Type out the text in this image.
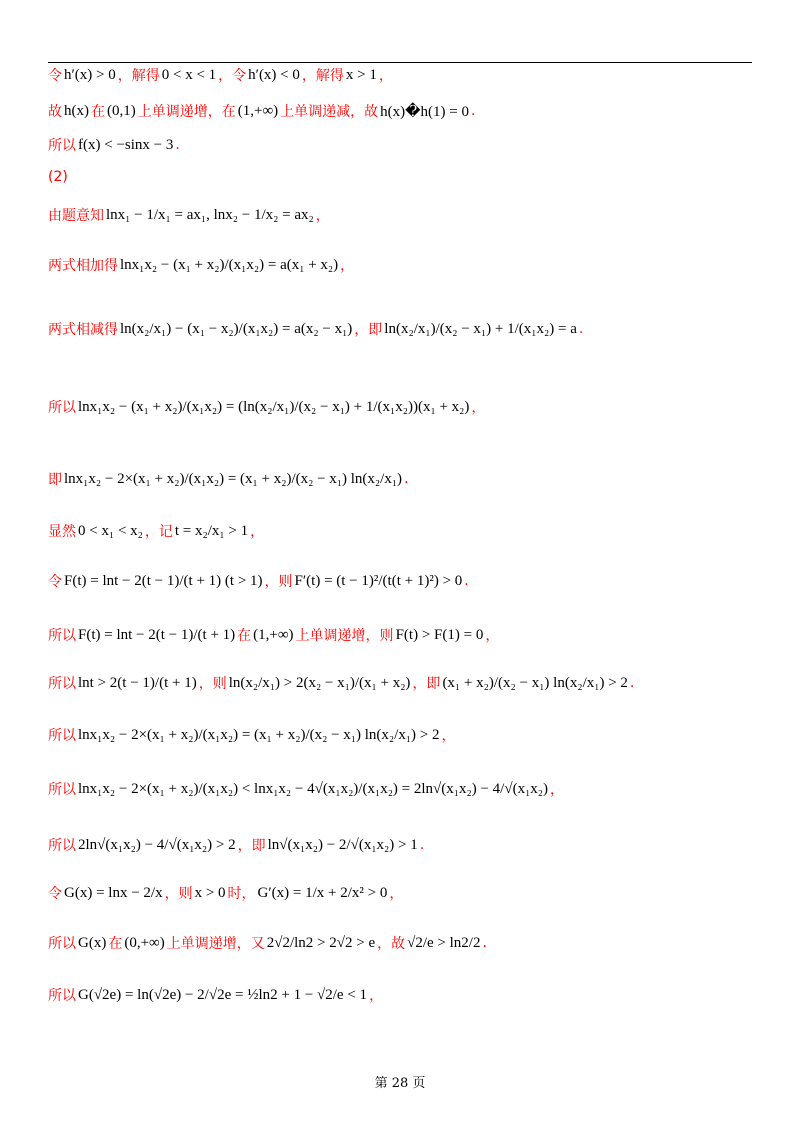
令 h′(x) > 0 ，解得 0 < x < 1 ，令 h′(x) < 0 ，解得 x > 1 ，
故 h(x) 在 (0,1) 上单调递增，在 (1,+∞) 上单调递减，故 h(x)�h(1) = 0 .
所以 f(x) < −sinx − 3 .
(2)
由题意知 lnx₁ − 1/x₁ = ax₁, lnx₂ − 1/x₂ = ax₂ ，
两式相加得 lnx₁x₂ − (x₁ + x₂)/(x₁x₂) = a(x₁ + x₂) ，
两式相减得 ln(x₂/x₁) − (x₁ − x₂)/(x₁x₂) = a(x₂ − x₁) ，即 ln(x₂/x₁)/(x₂ − x₁) + 1/(x₁x₂) = a .
所以 lnx₁x₂ − (x₁ + x₂)/(x₁x₂) = (ln(x₂/x₁)/(x₂ − x₁) + 1/(x₁x₂))(x₁ + x₂) ，
即 lnx₁x₂ − 2×(x₁ + x₂)/(x₁x₂) = (x₁ + x₂)/(x₂ − x₁) ln(x₂/x₁) .
显然 0 < x₁ < x₂ ，记 t = x₂/x₁ > 1 ，
令 F(t) = lnt − 2(t − 1)/(t + 1) (t > 1) ，则 F′(t) = (t − 1)²/(t(t + 1)²) > 0 .
所以 F(t) = lnt − 2(t − 1)/(t + 1) 在 (1,+∞) 上单调递增，则 F(t) > F(1) = 0 ，
所以 lnt > 2(t − 1)/(t + 1) ，则 ln(x₂/x₁) > 2(x₂ − x₁)/(x₁ + x₂) ，即 (x₁ + x₂)/(x₂ − x₁) ln(x₂/x₁) > 2 .
所以 lnx₁x₂ − 2×(x₁ + x₂)/(x₁x₂) = (x₁ + x₂)/(x₂ − x₁) ln(x₂/x₁) > 2 ，
所以 lnx₁x₂ − 2×(x₁ + x₂)/(x₁x₂) < lnx₁x₂ − 4√(x₁x₂)/(x₁x₂) = 2ln√(x₁x₂) − 4/√(x₁x₂) ，
所以 2ln√(x₁x₂) − 4/√(x₁x₂) > 2 ，即 ln√(x₁x₂) − 2/√(x₁x₂) > 1 .
令 G(x) = lnx − 2/x ，则 x > 0 时， G′(x) = 1/x + 2/x² > 0 ，
所以 G(x) 在 (0,+∞) 上单调递增，又 2√2/ln2 > 2√2 > e ，故 √2/e > ln2/2 .
所以 G(√2e) = ln(√2e) − 2/√2e = ½ln2 + 1 − √2/e < 1 ，
第 28 页
